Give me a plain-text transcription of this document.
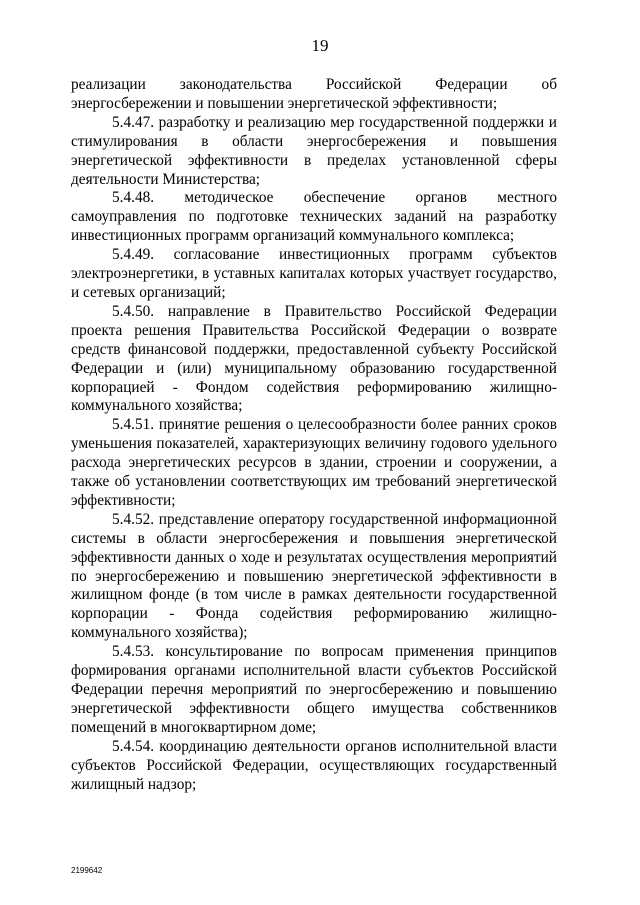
19

реализации законодательства Российской Федерации об энергосбережении и повышении энергетической эффективности;

5.4.47. разработку и реализацию мер государственной поддержки и стимулирования в области энергосбережения и повышения энергетической эффективности в пределах установленной сферы деятельности Министерства;

5.4.48. методическое обеспечение органов местного самоуправления по подготовке технических заданий на разработку инвестиционных программ организаций коммунального комплекса;

5.4.49. согласование инвестиционных программ субъектов электроэнергетики, в уставных капиталах которых участвует государство, и сетевых организаций;

5.4.50. направление в Правительство Российской Федерации проекта решения Правительства Российской Федерации о возврате средств финансовой поддержки, предоставленной субъекту Российской Федерации и (или) муниципальному образованию государственной корпорацией - Фондом содействия реформированию жилищно-коммунального хозяйства;

5.4.51. принятие решения о целесообразности более ранних сроков уменьшения показателей, характеризующих величину годового удельного расхода энергетических ресурсов в здании, строении и сооружении, а также об установлении соответствующих им требований энергетической эффективности;

5.4.52. представление оператору государственной информационной системы в области энергосбережения и повышения энергетической эффективности данных о ходе и результатах осуществления мероприятий по энергосбережению и повышению энергетической эффективности в жилищном фонде (в том числе в рамках деятельности государственной корпорации - Фонда содействия реформированию жилищно-коммунального хозяйства);

5.4.53. консультирование по вопросам применения принципов формирования органами исполнительной власти субъектов Российской Федерации перечня мероприятий по энергосбережению и повышению энергетической эффективности общего имущества собственников помещений в многоквартирном доме;

5.4.54. координацию деятельности органов исполнительной власти субъектов Российской Федерации, осуществляющих государственный жилищный надзор;

2199642
